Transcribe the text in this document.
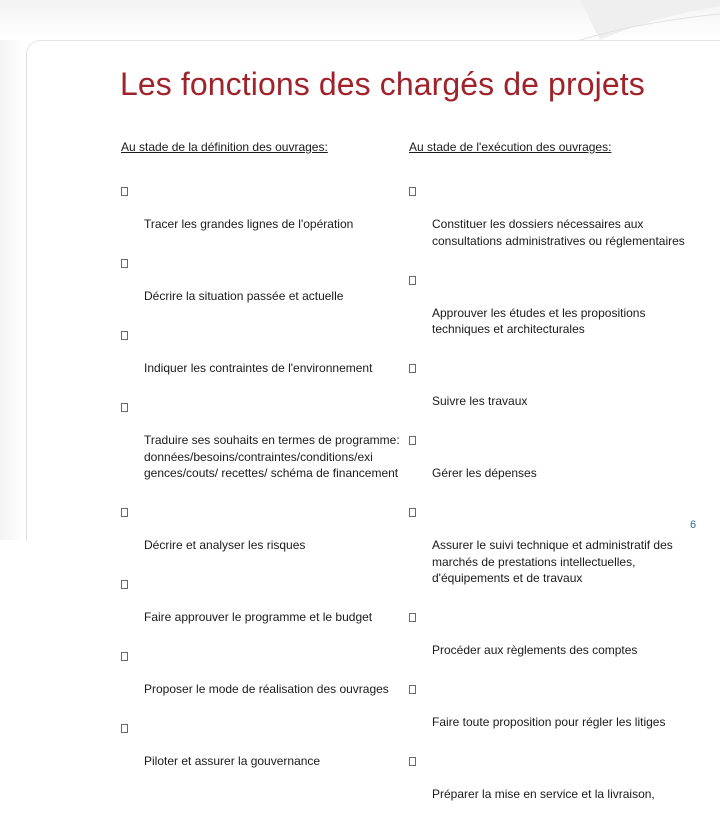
Les fonctions des chargés de projets

Au stade de la définition des ouvrages:

Tracer les grandes lignes de l'opération

Décrire la situation passée et actuelle

Indiquer les contraintes de l'environnement

Traduire ses souhaits en termes de programme: données/besoins/contraintes/conditions/exi gences/couts/ recettes/ schéma de financement

Décrire et analyser les risques

Faire approuver le programme et le budget

Proposer le mode de réalisation des ouvrages

Piloter et assurer la gouvernance

Au stade de l'exécution des ouvrages:

Constituer les dossiers nécessaires aux consultations administratives ou réglementaires

Approuver les études et les propositions techniques et architecturales

Suivre les travaux

Gérer les dépenses

Assurer le suivi technique et administratif des marchés de prestations intellectuelles, d'équipements et de travaux

Procéder aux règlements des comptes

Faire toute proposition pour régler les litiges

Préparer la mise en service et la livraison,

6
